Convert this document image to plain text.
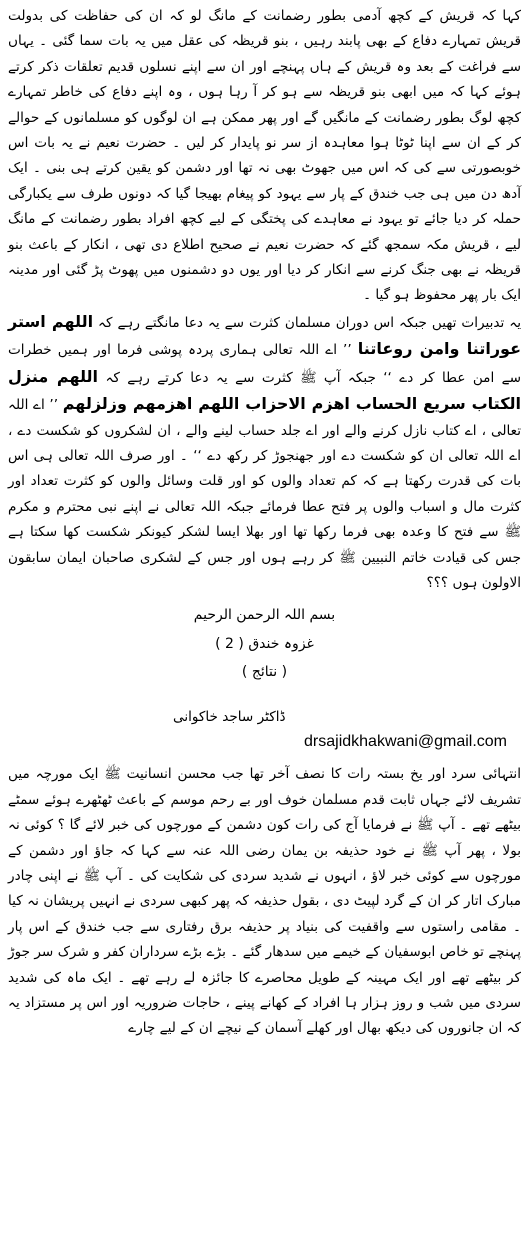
کہا کہ قریش کے کچھ آدمی بطور رضمانت کے مانگ لو کہ ان کی حفاظت کی بدولت قریش تمہارے دفاع کے بھی پابند رہیں ، بنو قریظہ کی عقل میں یہ بات سما گئی ۔ یہاں سے فراغت کے بعد وہ قریش کے ہاں پہنچے اور ان سے اپنے نسلوں قدیم تعلقات ذکر کرتے ہوئے کہا کہ میں ابھی بنو قریظہ سے ہو کر آ رہا ہوں ، وہ اپنے دفاع کی خاطر تمہارے کچھ لوگ بطور رضمانت کے مانگیں گے اور پھر ممکن ہے ان لوگوں کو مسلمانوں کے حوالے کر کے ان سے اپنا ٹوٹا ہوا معاہدہ از سر نو پایدار کر لیں ۔ حضرت نعیم نے یہ بات اس خوبصورتی سے کی کہ اس میں جھوٹ بھی نہ تھا اور دشمن کو یقین کرتے ہی بنی ۔ ایک آدھ دن میں ہی جب خندق کے پار سے یہود کو پیغام بھیجا گیا کہ دونوں طرف سے یکبارگی حملہ کر دیا جائے تو یہود نے معاہدے کی پختگی کے لیے کچھ افراد بطور رضمانت کے مانگ لیے ، قریش مکہ سمجھ گئے کہ حضرت نعیم نے صحیح اطلاع دی تھی ، انکار کے باعث بنو قریظہ نے بھی جنگ کرنے سے انکار کر دیا اور یوں دو دشمنوں میں پھوٹ پڑ گئی اور مدینہ ایک بار پھر محفوظ ہو گیا ۔

یہ تدبیرات تھیں جبکہ اس دوران مسلمان کثرت سے یہ دعا مانگتے رہے کہ اللھم استر عوراتنا وامن روعاتنا ’’ اے اللہ تعالی ہماری پردہ پوشی فرما اور ہمیں خطرات سے امن عطا کر دے ‘‘ جبکہ آپ ﷺ کثرت سے یہ دعا کرتے رہے کہ اللھم منزل الکتاب سریع الحساب اھزم الاحزاب اللھم اھزمھم وزلزلھم ’’ اے اللہ تعالی ، اے کتاب نازل کرنے والے اور اے جلد حساب لینے والے ، ان لشکروں کو شکست دے ، اے اللہ تعالی ان کو شکست دے اور جھنجوڑ کر رکھ دے ‘‘ ۔ اور صرف اللہ تعالی ہی اس بات کی قدرت رکھتا ہے کہ کم تعداد والوں کو اور قلت وسائل والوں کو کثرت تعداد اور کثرت مال و اسباب والوں پر فتح عطا فرمائے جبکہ اللہ تعالی نے اپنے نبی محترم و مکرم ﷺ سے فتح کا وعدہ بھی فرما رکھا تھا اور بھلا ایسا لشکر کیونکر شکست کھا سکتا ہے جس کی قیادت خاتم النبیین ﷺ کر رہے ہوں اور جس کے لشکری صاحبان ایمان سابقون الاولون ہوں ؟؟؟

بسم اللہ الرحمن الرحیم
غزوہ خندق ( 2 )
( نتائج )
ڈاکٹر ساجد خاکوانی
drsajidkhakwani@gmail.com

انتہائی سرد اور یخ بستہ رات کا نصف آخر تھا جب محسن انسانیت ﷺ ایک مورچہ میں تشریف لائے جہاں ثابت قدم مسلمان خوف اور بے رحم موسم کے باعث ٹھٹھرے ہوئے سمٹے بیٹھے تھے ۔ آپ ﷺ نے فرمایا آج کی رات کون دشمن کے مورچوں کی خبر لائے گا ؟ کوئی نہ بولا ، پھر آپ ﷺ نے خود حذیفہ بن یمان رضی اللہ عنہ سے کہا کہ جاؤ اور دشمن کے مورچوں سے کوئی خبر لاؤ ، انہوں نے شدید سردی کی شکایت کی ۔ آپ ﷺ نے اپنی چادر مبارک اتار کر ان کے گرد لپیٹ دی ، بقول حذیفہ کہ پھر کبھی سردی نے انہیں پریشان نہ کیا ۔ مقامی راستوں سے واقفیت کی بنیاد پر حذیفہ برق رفتاری سے جب خندق کے اس پار پہنچے تو خاص ابوسفیان کے خیمے میں سدھار گئے ۔ بڑے بڑے سرداران کفر و شرک سر جوڑ کر بیٹھے تھے اور ایک مہینہ کے طویل محاصرے کا جائزہ لے رہے تھے ۔ ایک ماہ کی شدید سردی میں شب و روز ہزار ہا افراد کے کھانے پینے ، حاجات ضروریہ اور اس پر مستزاد یہ کہ ان جانوروں کی دیکھ بھال اور کھلے آسمان کے نیچے ان کے لیے چارے
